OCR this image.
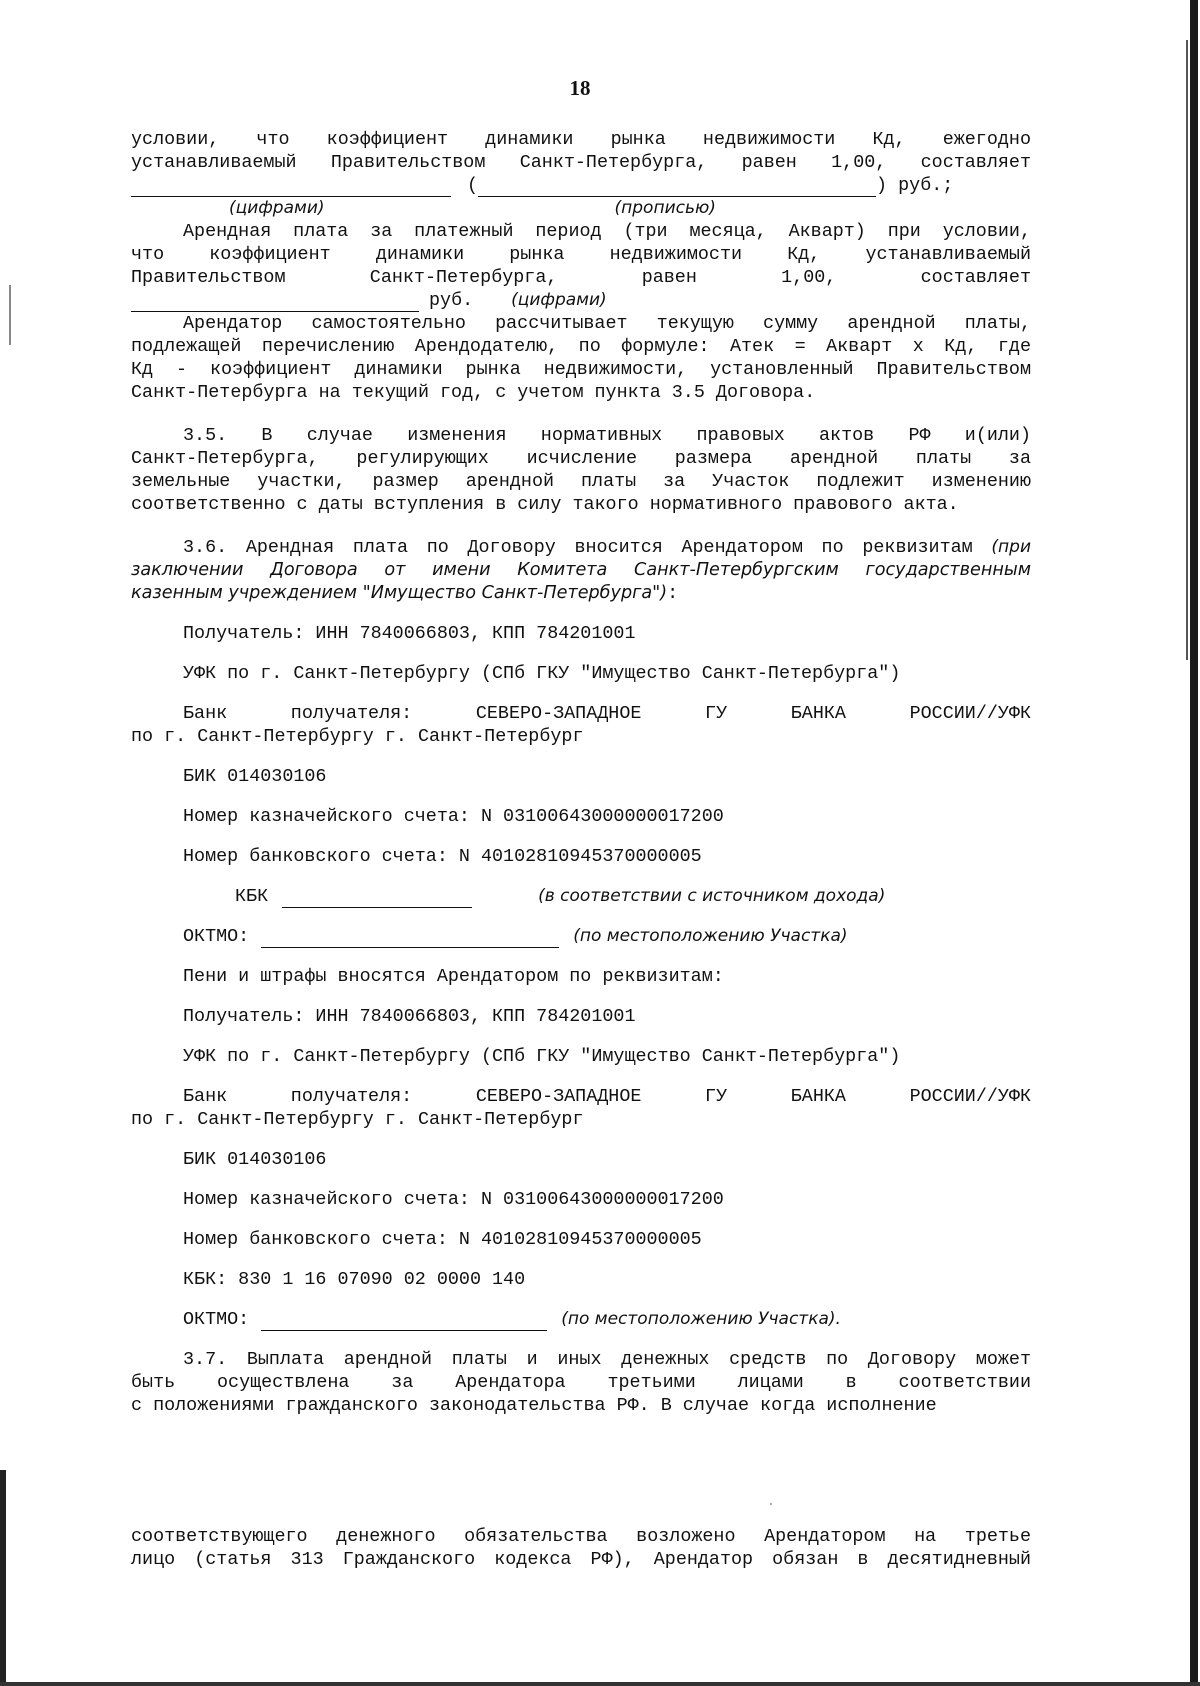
18
условии, что коэффициент динамики рынка недвижимости Кд, ежегодно
устанавливаемый Правительством Санкт-Петербурга, равен 1,00, составляет
(	) руб.;
(цифрами)	(прописью)
Арендная плата за платежный период (три месяца, Акварт) при условии,
что коэффициент динамики рынка недвижимости Кд, устанавливаемый
Правительством Санкт-Петербурга, равен 1,00, составляет
руб. (цифрами)
Арендатор самостоятельно рассчитывает текущую сумму арендной платы,
подлежащей перечислению Арендодателю, по формуле: Атек = Акварт х Кд, где
Кд - коэффициент динамики рынка недвижимости, установленный Правительством
Санкт-Петербурга на текущий год, с учетом пункта 3.5 Договора.
3.5. В случае изменения нормативных правовых актов РФ и(или)
Санкт-Петербурга, регулирующих исчисление размера арендной платы за
земельные участки, размер арендной платы за Участок подлежит изменению
соответственно с даты вступления в силу такого нормативного правового акта.
3.6. Арендная плата по Договору вносится Арендатором по реквизитам (при
заключении Договора от имени Комитета Санкт-Петербургским государственным
казенным учреждением "Имущество Санкт-Петербурга"):
Получатель: ИНН 7840066803, КПП 784201001
УФК по г. Санкт-Петербургу (СПб ГКУ "Имущество Санкт-Петербурга")
Банк получателя: СЕВЕРО-ЗАПАДНОЕ ГУ БАНКА РОССИИ//УФК
по г. Санкт-Петербургу г. Санкт-Петербург
БИК 014030106
Номер казначейского счета: N 03100643000000017200
Номер банковского счета: N 40102810945370000005
КБК	(в соответствии с источником дохода)
ОКТМО:	(по местоположению Участка)
Пени и штрафы вносятся Арендатором по реквизитам:
Получатель: ИНН 7840066803, КПП 784201001
УФК по г. Санкт-Петербургу (СПб ГКУ "Имущество Санкт-Петербурга")
Банк получателя: СЕВЕРО-ЗАПАДНОЕ ГУ БАНКА РОССИИ//УФК
по г. Санкт-Петербургу г. Санкт-Петербург
БИК 014030106
Номер казначейского счета: N 03100643000000017200
Номер банковского счета: N 40102810945370000005
КБК: 830 1 16 07090 02 0000 140
ОКТМО:	(по местоположению Участка).
3.7. Выплата арендной платы и иных денежных средств по Договору может
быть осуществлена за Арендатора третьими лицами в соответствии
с положениями гражданского законодательства РФ. В случае когда исполнение
соответствующего денежного обязательства возложено Арендатором на третье
лицо (статья 313 Гражданского кодекса РФ), Арендатор обязан в десятидневный
